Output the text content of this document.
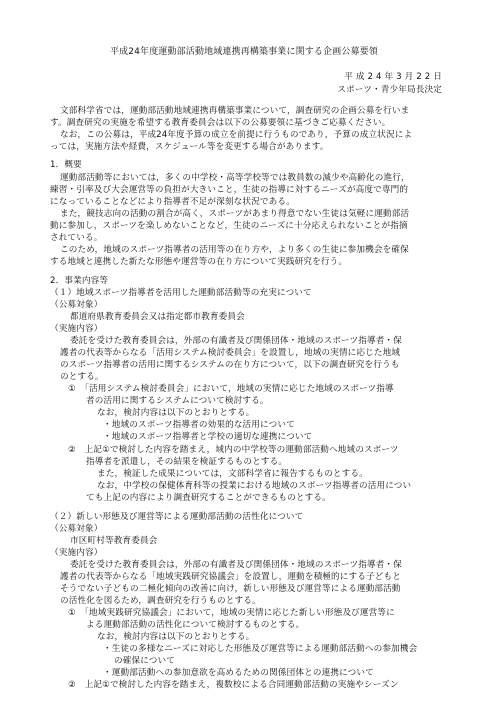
平成24年度運動部活動地域連携再構築事業に関する企画公募要領
平 成 2 4 年 3 月 2 2 日
スポーツ・青少年局長決定
文部科学省では，運動部活動地域連携再構築事業について，調査研究の企画公募を行いま
す。調査研究の実施を希望する教育委員会は以下の公募要領に基づきご応募ください。
なお，この公募は，平成24年度予算の成立を前提に行うものであり，予算の成立状況によ
っては，実施方法や経費，スケジュール等を変更する場合があります。
1．概要
運動部活動等においては，多くの中学校・高等学校等では教員数の減少や高齢化の進行，
練習・引率及び大会運営等の負担が大きいこと，生徒の指導に対するニーズが高度で専門的
になっていることなどにより指導者不足が深刻な状況である。
また，競技志向の活動の割合が高く，スポーツがあまり得意でない生徒は気軽に運動部活
動に参加し，スポーツを楽しめないことなど，生徒のニーズに十分応えられないことが指摘
されている。
このため，地域のスポーツ指導者の活用等の在り方や，より多くの生徒に参加機会を確保
する地域と連携した新たな形態や運営等の在り方について実践研究を行う。
2．事業内容等
（１）地域スポーツ指導者を活用した運動部活動等の充実について
（公募対象）
都道府県教育委員会又は指定都市教育委員会
（実施内容）
委託を受けた教育委員会は，外部の有識者及び関係団体・地域のスポーツ指導者・保
護者の代表等からなる「活用システム検討委員会」を設置し，地域の実情に応じた地域
のスポーツ指導者の活用に関するシステムの在り方について，以下の調査研究を行うも
のとする。
①　「活用システム検討委員会」において，地域の実情に応じた地域のスポーツ指導
者の活用に関するシステムについて検討する。
なお，検討内容は以下のとおりとする。
・地域のスポーツ指導者の効果的な活用について
・地域のスポーツ指導者と学校の適切な連携について
②　上記①で検討した内容を踏まえ，域内の中学校等の運動部活動へ地域のスポーツ
指導者を派遣し，その結果を検証するものとする。
また，検証した成果については，文部科学省に報告するものとする。
なお，中学校の保健体育科等の授業における地域のスポーツ指導者の活用につい
ても上記の内容により調査研究することができるものとする。
（２）新しい形態及び運営等による運動部活動の活性化について
（公募対象）
市区町村等教育委員会
（実施内容）
委託を受けた教育委員会は，外部の有識者及び関係団体・地域のスポーツ指導者・保
護者の代表等からなる「地域実践研究協議会」を設置し，運動を積極的にする子どもと
そうでない子どもの二極化傾向の改善に向け，新しい形態及び運営等による運動部活動
の活性化を図るため，調査研究を行うものとする。
①　「地域実践研究協議会」において，地域の実情に応じた新しい形態及び運営等に
よる運動部活動の活性化について検討するものとする。
なお，検討内容は以下のとおりとする。
・生徒の多様なニーズに対応した形態及び運営等による運動部活動への参加機会
の確保について
・運動部活動への参加意欲を高めるための関係団体との連携について
②　上記①で検討した内容を踏まえ，複数校による合同運動部活動の実施やシーズン
